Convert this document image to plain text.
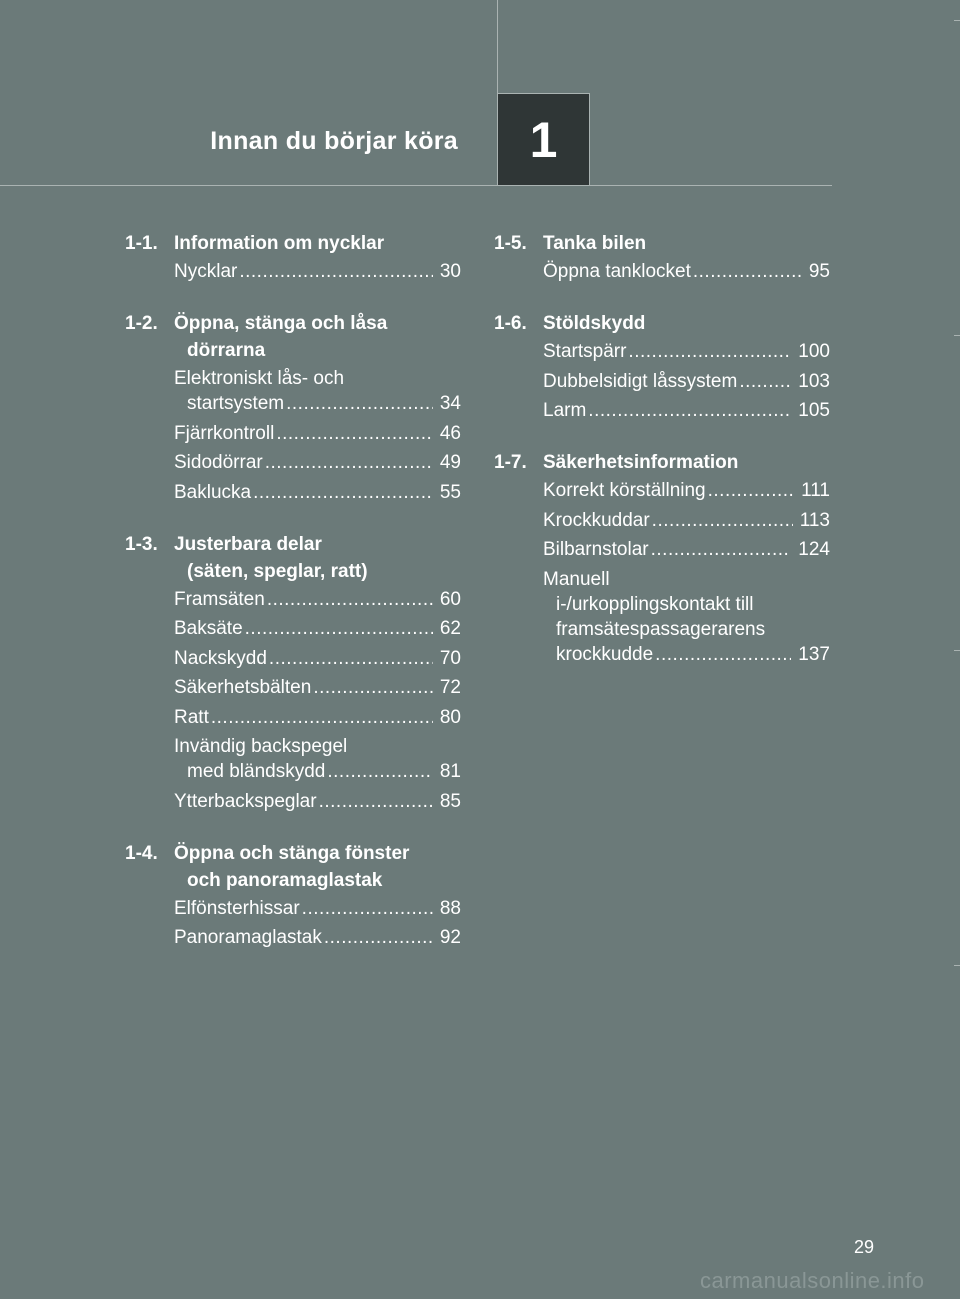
Innan du börjar köra	1
1-1. Information om nycklar
Nycklar .....	30
1-2. Öppna, stänga och låsa
dörrarna
Elektroniskt lås- och
startsystem .....	34
Fjärrkontroll .....	46
Sidodörrar .....	49
Baklucka .....	55
1-3. Justerbara delar
(säten, speglar, ratt)
Framsäten .....	60
Baksäte .....	62
Nackskydd .....	70
Säkerhetsbälten .....	72
Ratt .....	80
Invändig backspegel
med bländskydd .....	81
Ytterbackspeglar .....	85
1-4. Öppna och stänga fönster
och panoramaglastak
Elfönsterhissar .....	88
Panoramaglastak .....	92
1-5. Tanka bilen
Öppna tanklocket .....	95
1-6. Stöldskydd
Startspärr .....	100
Dubbelsidigt låssystem .....	103
Larm .....	105
1-7. Säkerhetsinformation
Korrekt körställning .....	111
Krockkuddar .....	113
Bilbarnstolar .....	124
Manuell
i-/urkopplingskontakt till
framsätespassagerarens
krockkudde .....	137
29
carmanualsonline.info
